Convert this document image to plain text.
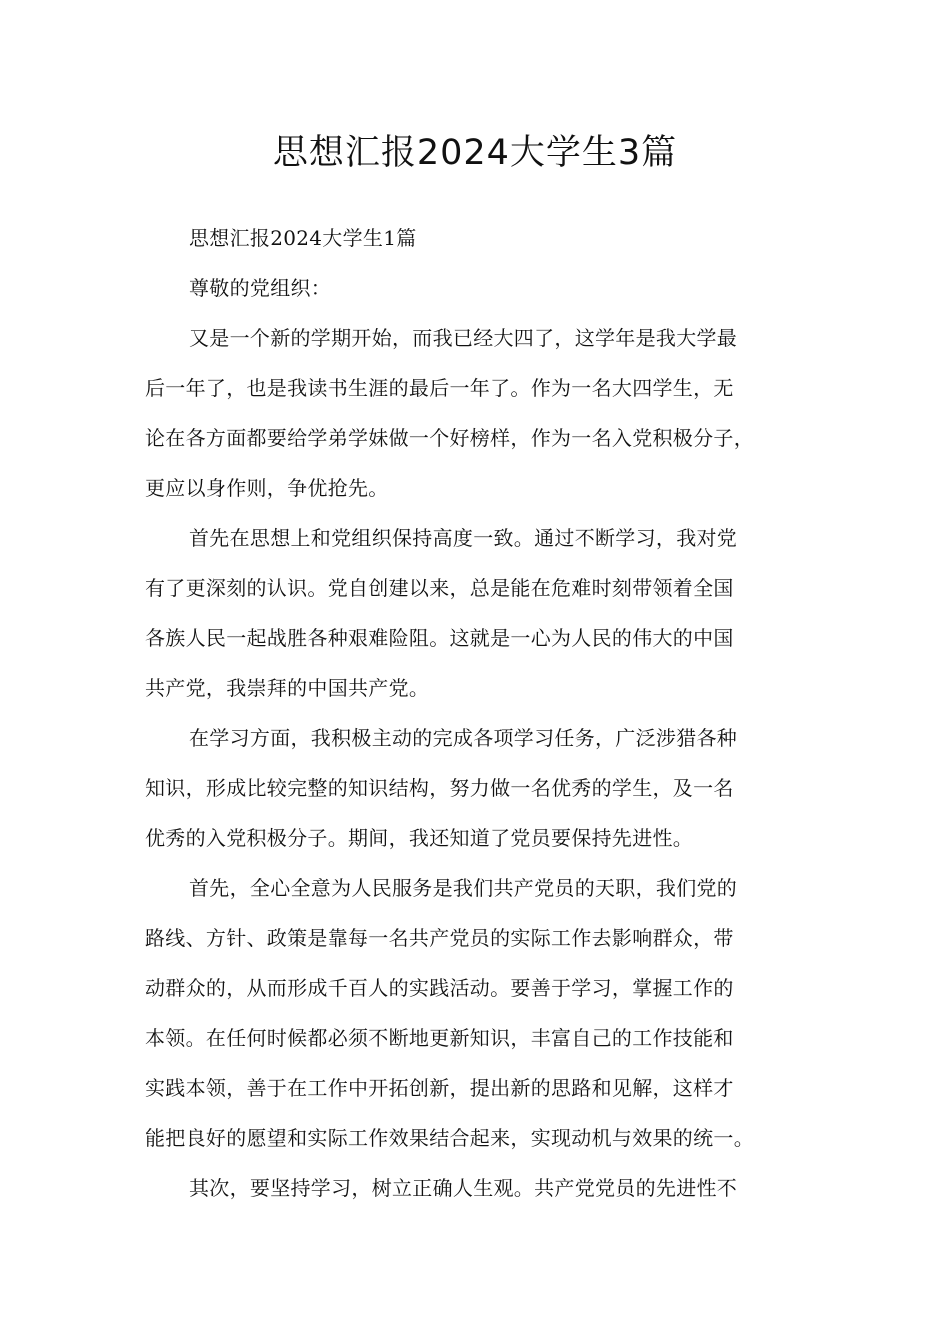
思想汇报2024大学生3篇
思想汇报2024大学生1篇
尊敬的党组织：
又是一个新的学期开始，而我已经大四了，这学年是我大学最
后一年了，也是我读书生涯的最后一年了。作为一名大四学生，无
论在各方面都要给学弟学妹做一个好榜样，作为一名入党积极分子，
更应以身作则，争优抢先。
首先在思想上和党组织保持高度一致。通过不断学习，我对党
有了更深刻的认识。党自创建以来，总是能在危难时刻带领着全国
各族人民一起战胜各种艰难险阻。这就是一心为人民的伟大的中国
共产党，我崇拜的中国共产党。
在学习方面，我积极主动的完成各项学习任务，广泛涉猎各种
知识，形成比较完整的知识结构，努力做一名优秀的学生，及一名
优秀的入党积极分子。期间，我还知道了党员要保持先进性。
首先，全心全意为人民服务是我们共产党员的天职，我们党的
路线、方针、政策是靠每一名共产党员的实际工作去影响群众，带
动群众的，从而形成千百人的实践活动。要善于学习，掌握工作的
本领。在任何时候都必须不断地更新知识，丰富自己的工作技能和
实践本领，善于在工作中开拓创新，提出新的思路和见解，这样才
能把良好的愿望和实际工作效果结合起来，实现动机与效果的统一。
其次，要坚持学习，树立正确人生观。共产党党员的先进性不
